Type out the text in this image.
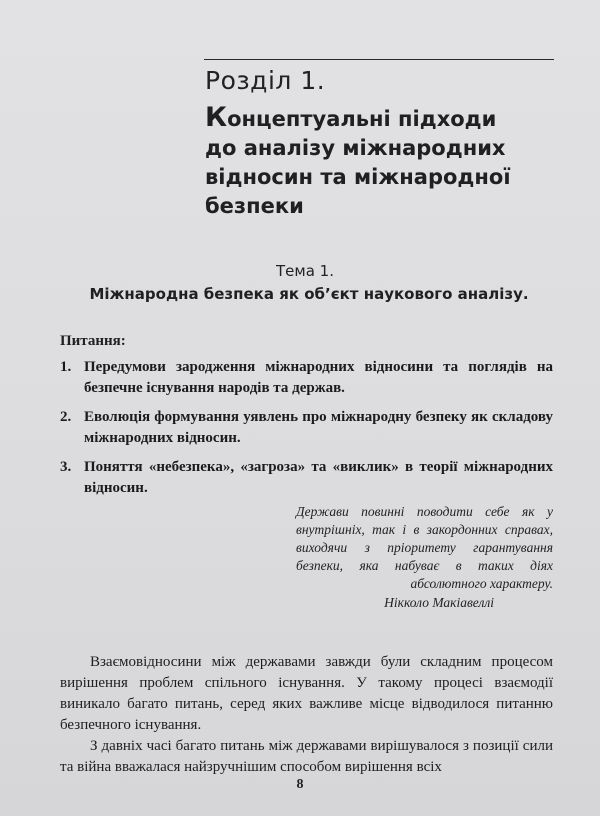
Розділ 1.
Концептуальні підходи
до аналізу міжнародних
відносин та міжнародної
безпеки
Тема 1.
Міжнародна безпека як об’єкт наукового аналізу.
Питання:
1. Передумови зародження міжнародних відносини та поглядів на безпечне існування народів та держав.
2. Еволюція формування уявлень про міжнародну безпеку як складову міжнародних відносин.
3. Поняття «небезпека», «загроза» та «виклик» в теорії міжнародних відносин.
Держави повинні поводити себе як у внутрішніх, так і в закордонних справах, виходячи з пріоритету гарантування безпеки, яка набуває в таких діях абсолютного характеру.
Нікколо Макіавеллі

Взаємовідносини між державами завжди були складним процесом вирішення проблем спільного існування. У такому процесі взаємодії виникало багато питань, серед яких важливе місце відводилося питанню безпечного існування.

З давніх часі багато питань між державами вирішувалося з позиції сили та війна вважалася найзручнішим способом вирішення всіх

8
